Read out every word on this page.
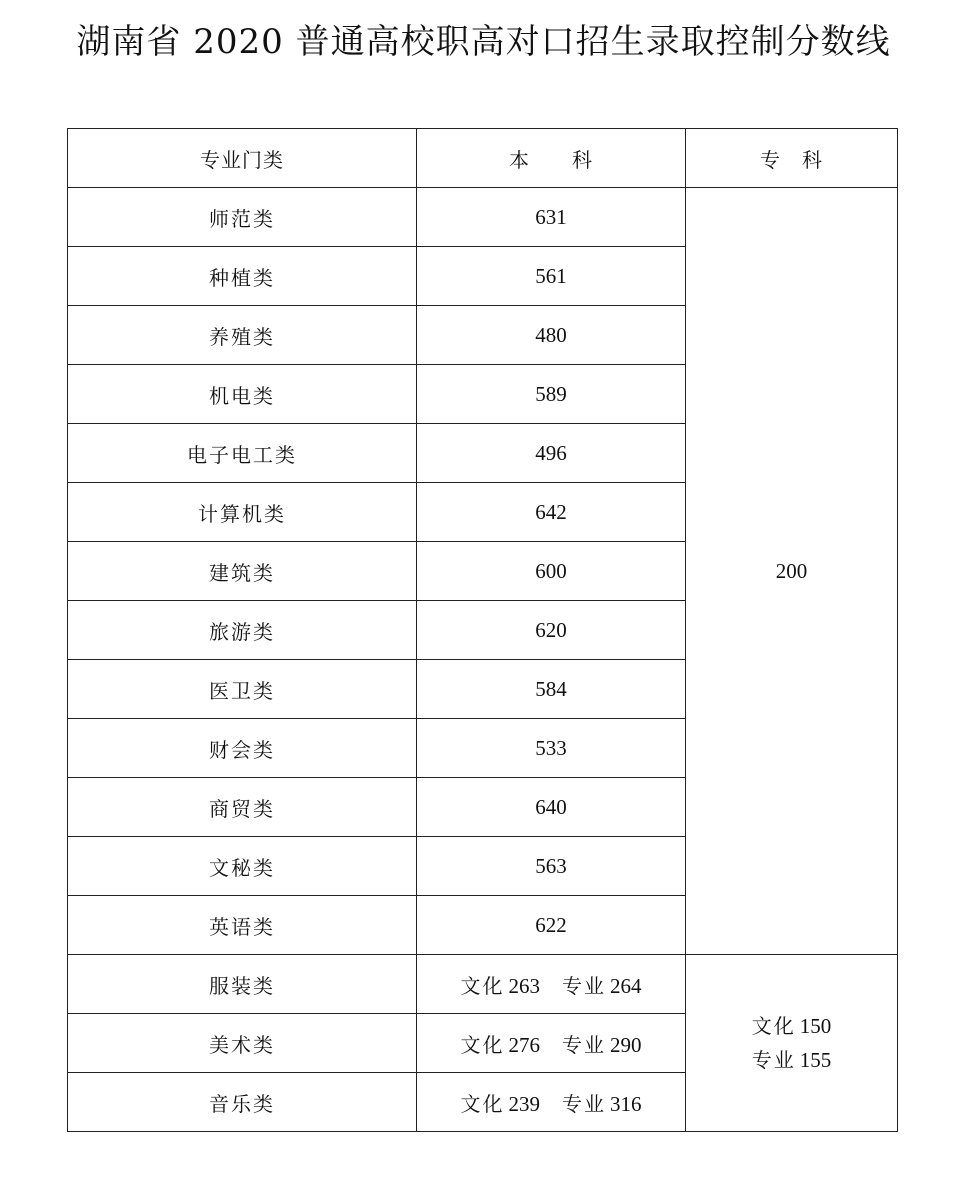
湖南省 2020 普通高校职高对口招生录取控制分数线
专业门类	本　　科	专　科
师范类	631	200
种植类	561	
养殖类	480	
机电类	589	
电子电工类	496	
计算机类	642	
建筑类	600	
旅游类	620	
医卫类	584	
财会类	533	
商贸类	640	
文秘类	563	
英语类	622	
服装类	文化 263 专业 264	文化 150
专业 155

美术类	文化 276 专业 290	
音乐类	文化 239 专业 316	
